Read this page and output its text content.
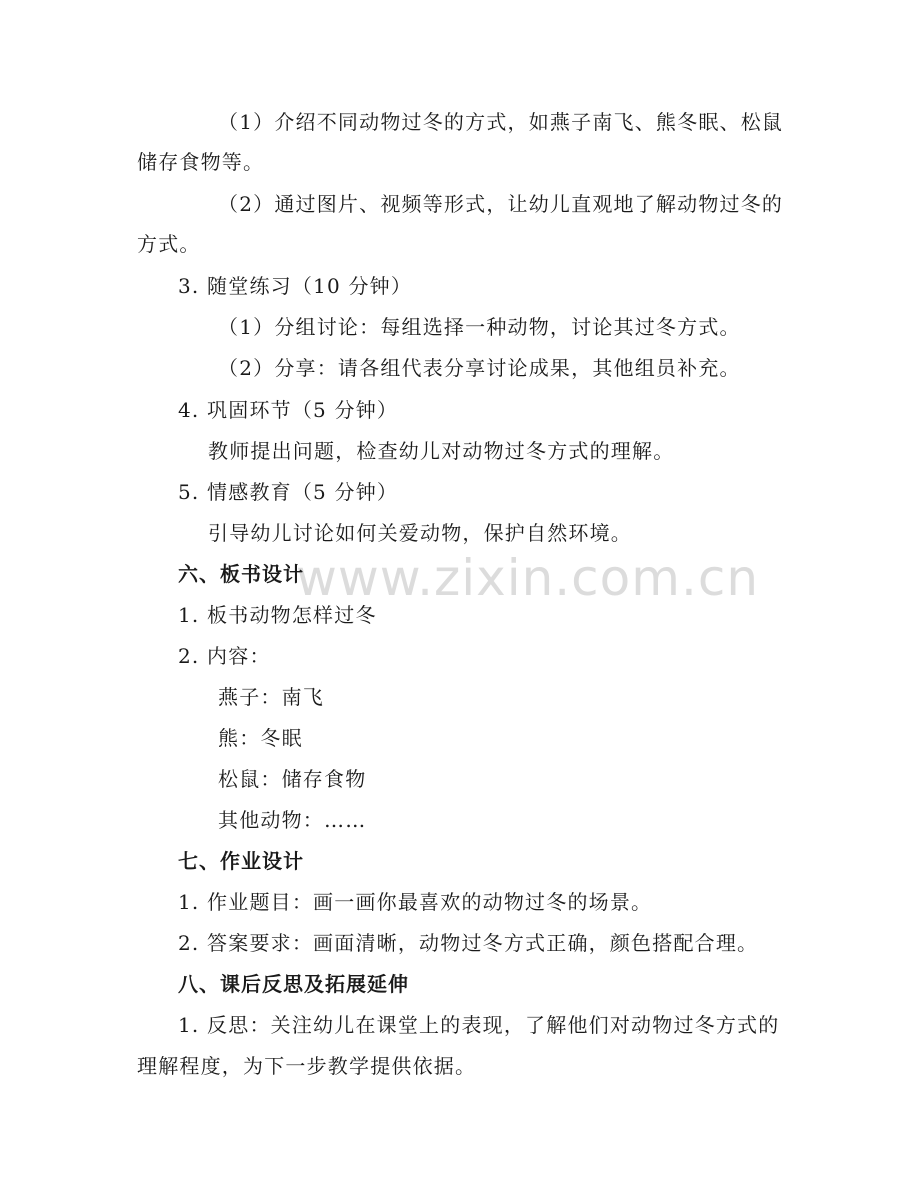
www.zixin.com.cn
（1）介绍不同动物过冬的方式，如燕子南飞、熊冬眠、松鼠
储存食物等。
（2）通过图片、视频等形式，让幼儿直观地了解动物过冬的
方式。
3. 随堂练习（10 分钟）
（1）分组讨论：每组选择一种动物，讨论其过冬方式。
（2）分享：请各组代表分享讨论成果，其他组员补充。
4. 巩固环节（5 分钟）
教师提出问题，检查幼儿对动物过冬方式的理解。
5. 情感教育（5 分钟）
引导幼儿讨论如何关爱动物，保护自然环境。
六、板书设计
1. 板书动物怎样过冬
2. 内容：
燕子：南飞
熊：冬眠
松鼠：储存食物
其他动物：……
七、作业设计
1. 作业题目：画一画你最喜欢的动物过冬的场景。
2. 答案要求：画面清晰，动物过冬方式正确，颜色搭配合理。
八、课后反思及拓展延伸
1. 反思：关注幼儿在课堂上的表现，了解他们对动物过冬方式的
理解程度，为下一步教学提供依据。
